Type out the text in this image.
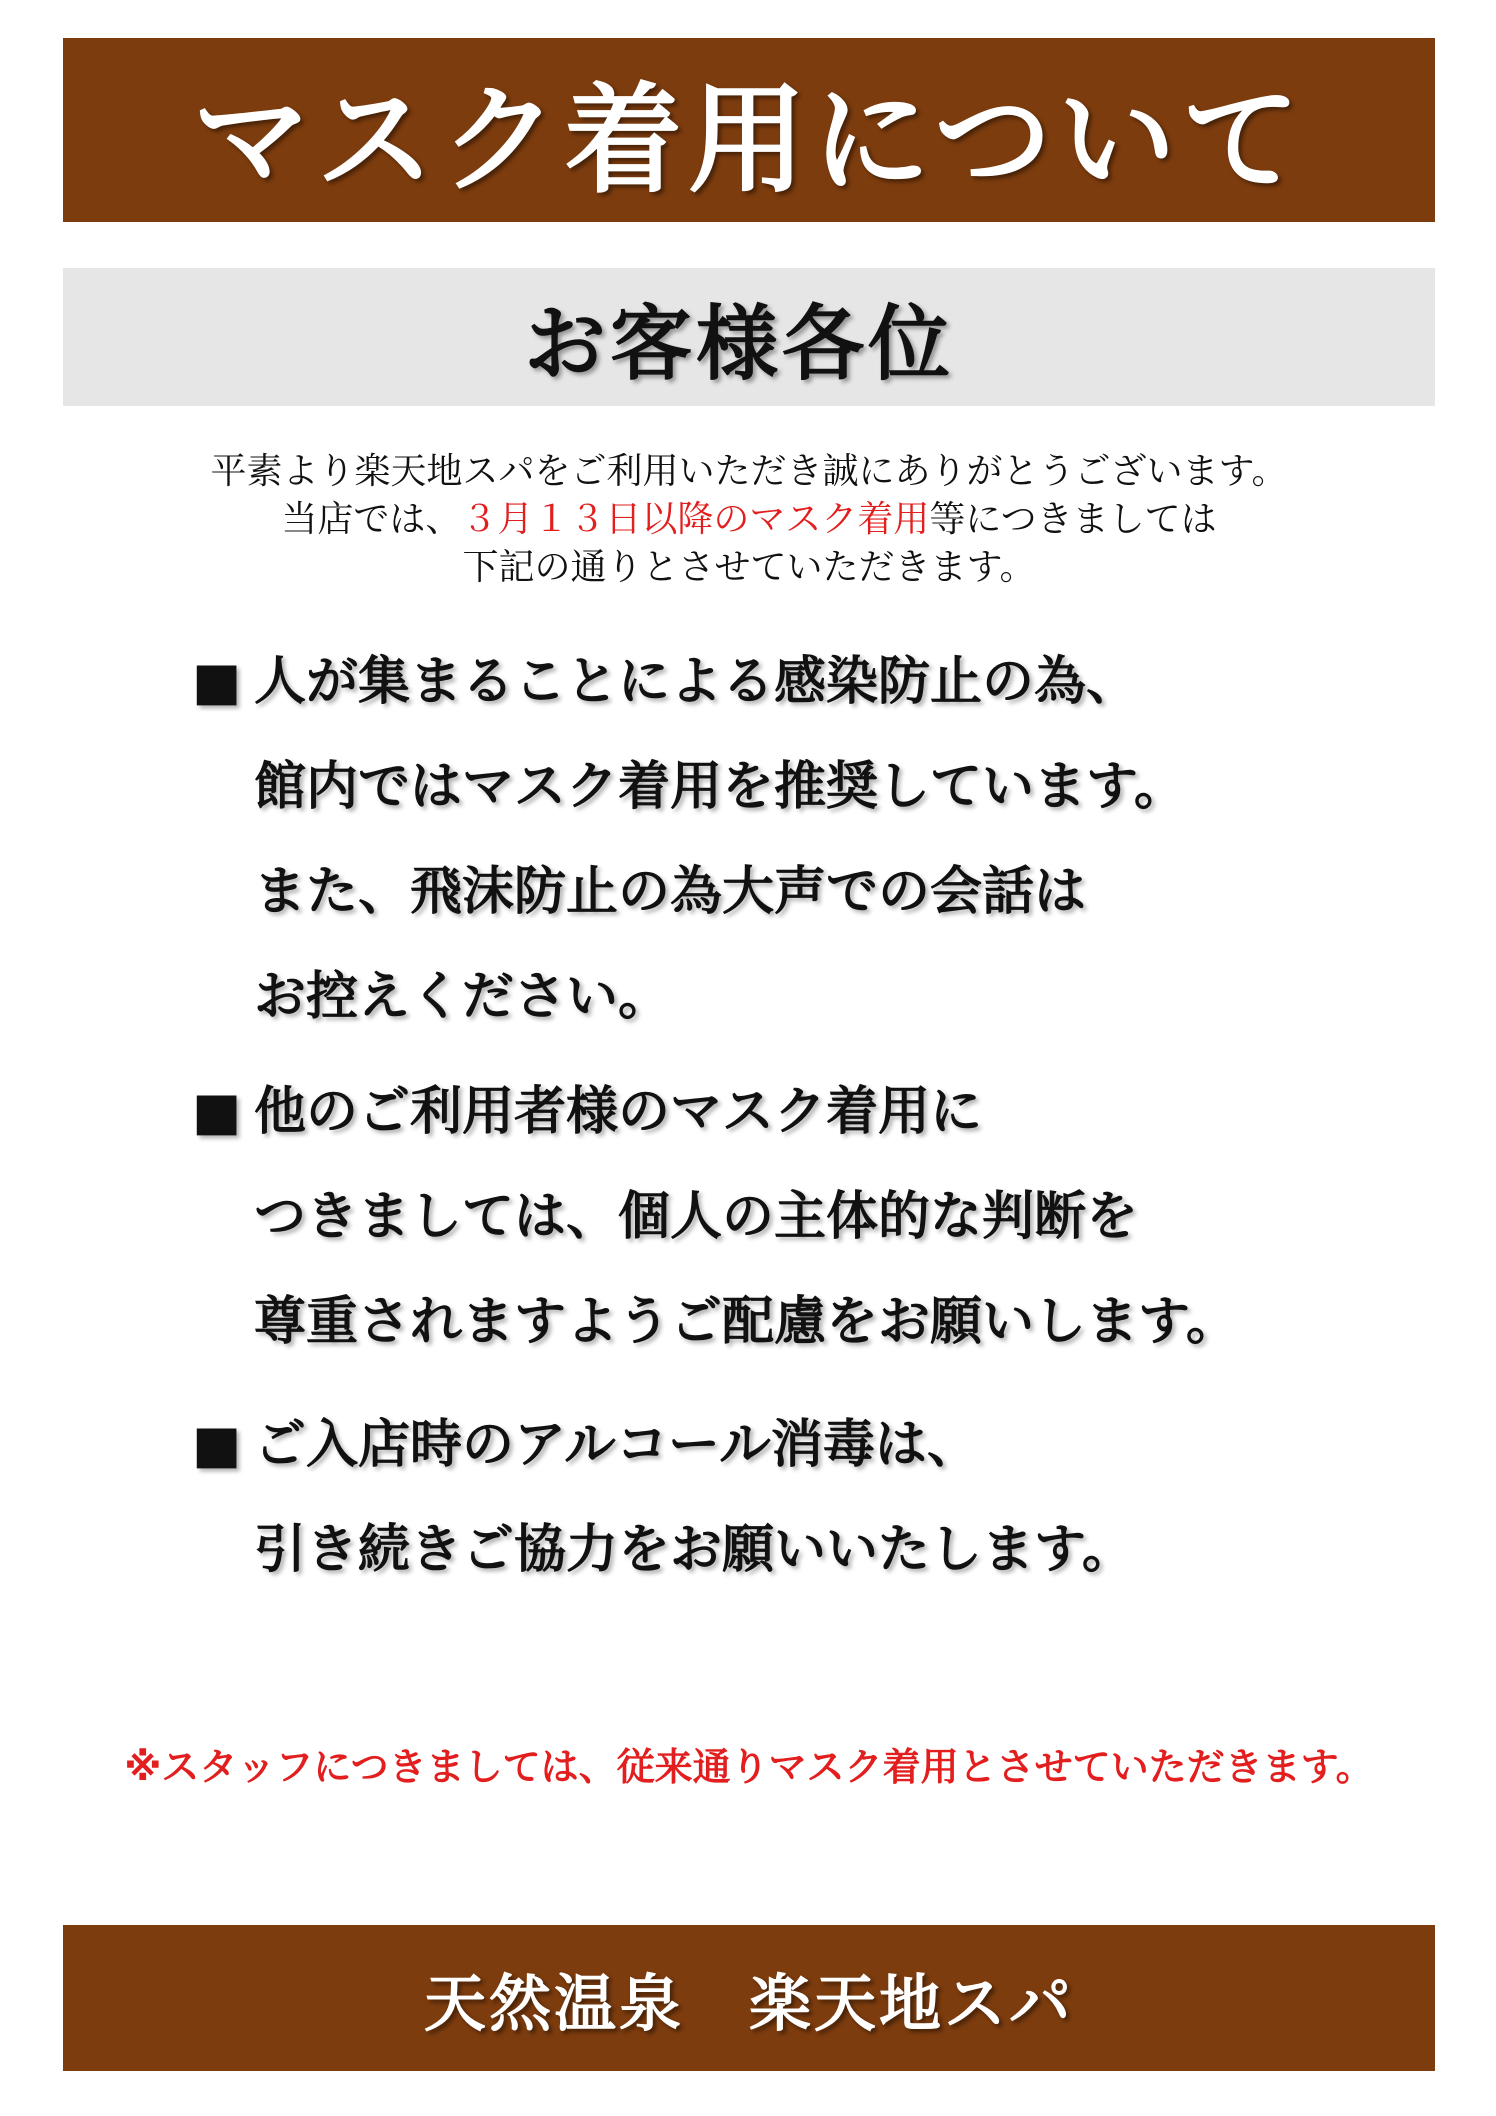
マスク着用について
お客様各位
平素より楽天地スパをご利用いただき誠にありがとうございます。
当店では、３月１３日以降のマスク着用等につきましては
下記の通りとさせていただきます。
■ 人が集まることによる感染防止の為、
館内ではマスク着用を推奨しています。
また、飛沫防止の為大声での会話は
お控えください。
■ 他のご利用者様のマスク着用に
つきましては、個人の主体的な判断を
尊重されますようご配慮をお願いします。
■ ご入店時のアルコール消毒は、
引き続きご協力をお願いいたします。
※スタッフにつきましては、従来通りマスク着用とさせていただきます。
天然温泉　楽天地スパ
